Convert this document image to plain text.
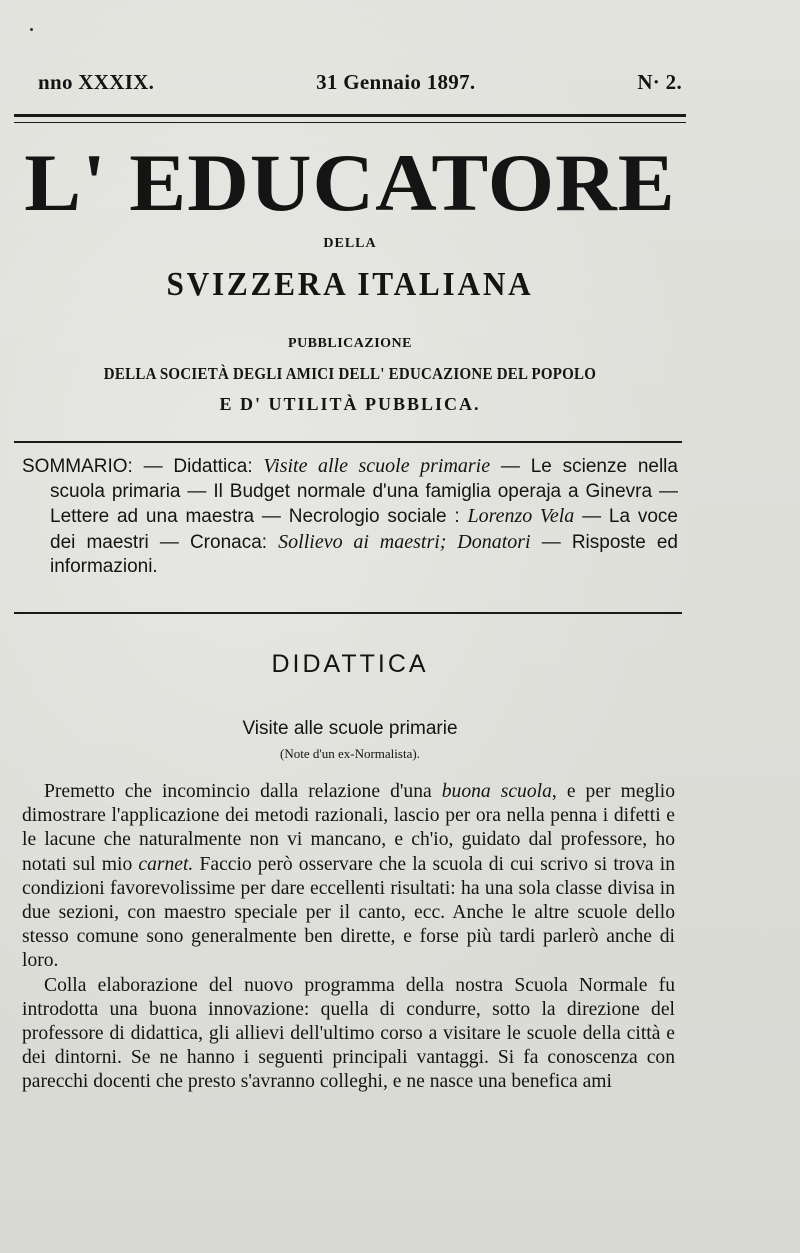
nno XXXIX.	31 Gennaio 1897.	N· 2.
L' EDUCATORE
DELLA
SVIZZERA ITALIANA
PUBBLICAZIONE
DELLA SOCIETÀ DEGLI AMICI DELL' EDUCAZIONE DEL POPOLO
E D' UTILITÀ PUBBLICA.
SOMMARIO: — Didattica: Visite alle scuole primarie — Le scienze nella scuola primaria — Il Budget normale d'una famiglia operaja a Ginevra — Lettere ad una maestra — Necrologio sociale : Lorenzo Vela — La voce dei maestri — Cronaca: Sollievo ai maestri; Donatori — Risposte ed informazioni.
DIDATTICA
Visite alle scuole primarie
(Note d'un ex-Normalista).

Premetto che incomincio dalla relazione d'una buona scuola, e per meglio dimostrare l'applicazione dei metodi razionali, lascio per ora nella penna i difetti e le lacune che naturalmente non vi mancano, e ch'io, guidato dal professore, ho notati sul mio carnet. Faccio però osservare che la scuola di cui scrivo si trova in condizioni favorevolissime per dare eccellenti risultati: ha una sola classe divisa in due sezioni, con maestro speciale per il canto, ecc. Anche le altre scuole dello stesso comune sono generalmente ben dirette, e forse più tardi parlerò anche di loro.

Colla elaborazione del nuovo programma della nostra Scuola Normale fu introdotta una buona innovazione: quella di condurre, sotto la direzione del professore di didattica, gli allievi dell'ultimo corso a visitare le scuole della città e dei dintorni. Se ne hanno i seguenti principali vantaggi. Si fa conoscenza con parecchi docenti che presto s'avranno colleghi, e ne nasce una benefica ami
